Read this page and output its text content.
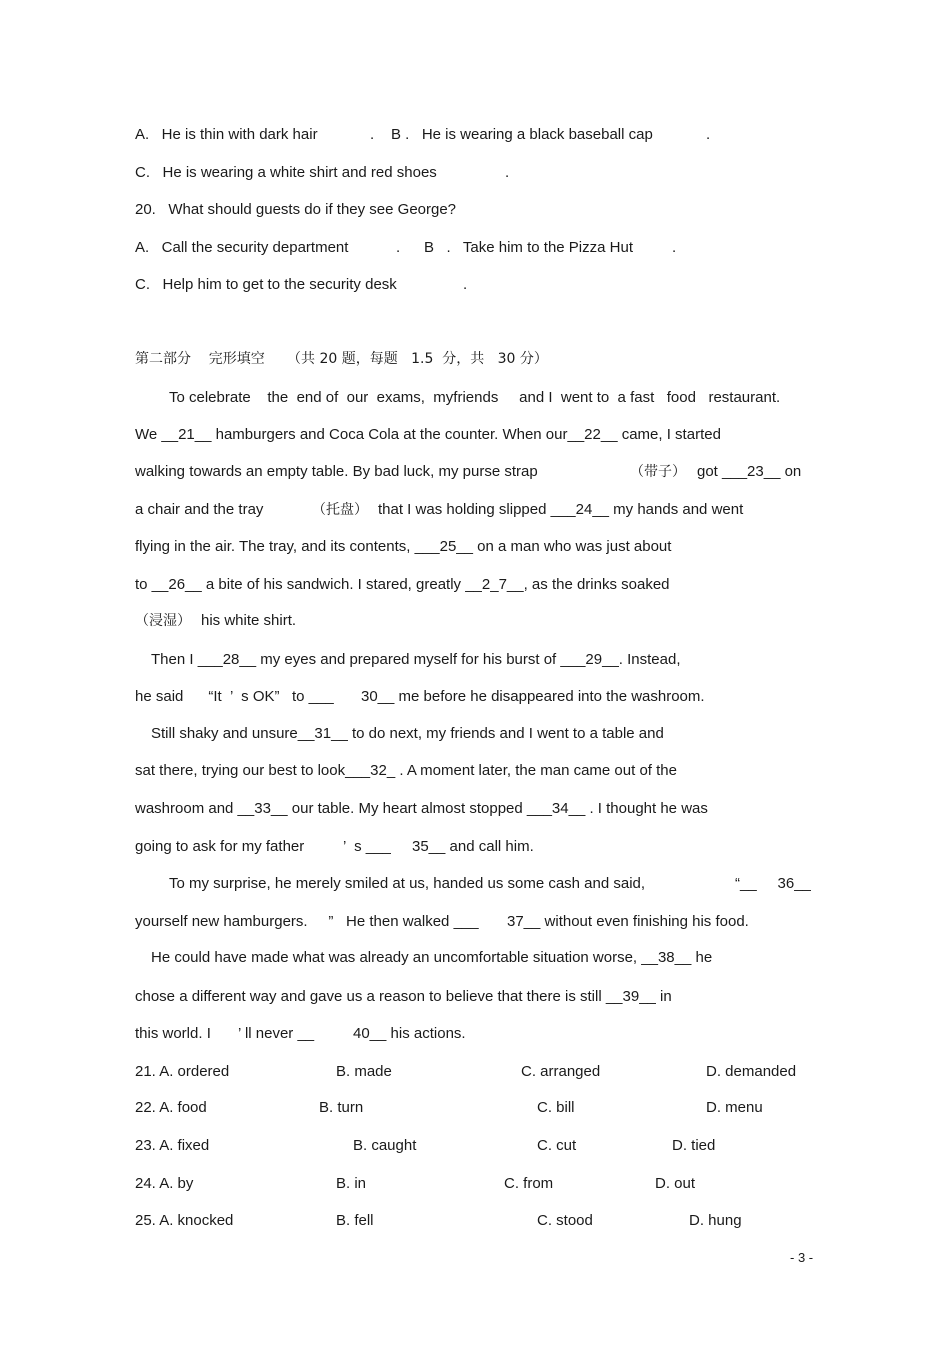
A.   He is thin with dark hair	. B .   He is wearing a black baseball cap	.
C.   He is wearing a white shirt and red shoes	.
20.   What should guests do if they see George?
A.   Call the security department	. B   .   Take him to the Pizza Hut	.
C.   Help him to get to the security desk	.
第二部分    完形填空     （共 20 题，每题   1.5  分，共   30 分）
To celebrate    the  end of  our  exams,  myfriends     and I  went to  a fast   food   restaurant.
We __21__ hamburgers and Coca Cola at the counter. When our__22__ came, I started
walking towards an empty table. By bad luck, my purse strap	（带子） got ___23__ on
a chair and the tray	（托盘） that I was holding slipped ___24__ my hands and went
flying in the air. The tray, and its contents, ___25__ on a man who was just about
to __26__ a bite of his sandwich. I stared, greatly __2_7__, as the drinks soaked
（浸湿） his white shirt.
Then I ___28__ my eyes and prepared myself for his burst of ___29__. Instead,
he said      “It  ’  s OK”   to ___ 30__ me before he disappeared into the washroom.
Still shaky and unsure__31__ to do next, my friends and I went to a table and
sat there, trying our best to look___32_ . A moment later, the man came out of the
washroom and __33__ our table. My heart almost stopped ___34__ . I thought he was
going to ask for my father	’  s ___ 35__ and call him.
To my surprise, he merely smiled at us, handed us some cash and said,	“__     36__
yourself new hamburgers.     ” He then walked ___ 37__ without even finishing his food.
He could have made what was already an uncomfortable situation worse, __38__ he
chose a different way and gave us a reason to believe that there is still __39__ in
this world. I ’ ll never __	40__ his actions.
21. A. ordered	B. made	C. arranged	D. demanded
22. A. food	B. turn	C. bill	D. menu
23. A. fixed	B. caught	C. cut	D. tied
24. A. by	B. in	C. from	D. out
25. A. knocked	B. fell	C. stood	D. hung
- 3 -
